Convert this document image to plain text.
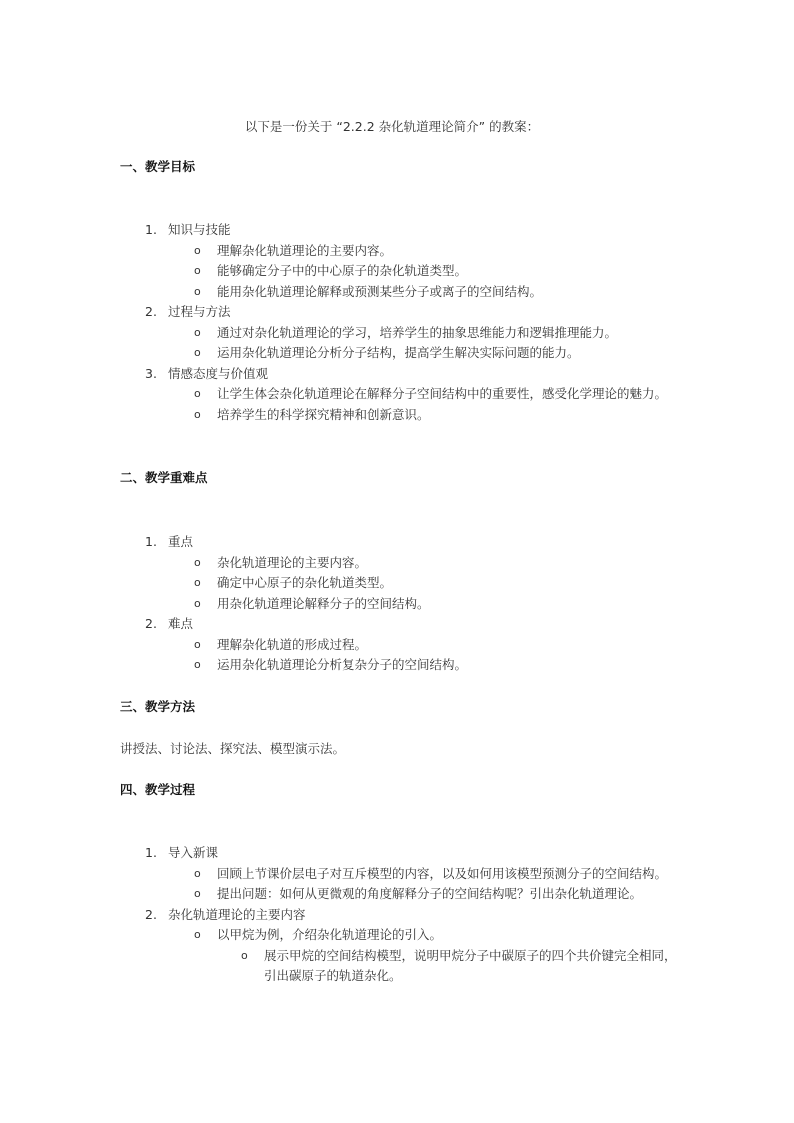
以下是一份关于 “2.2.2 杂化轨道理论简介” 的教案：
一、教学目标
1. 知识与技能
o 理解杂化轨道理论的主要内容。
o 能够确定分子中的中心原子的杂化轨道类型。
o 能用杂化轨道理论解释或预测某些分子或离子的空间结构。
2. 过程与方法
o 通过对杂化轨道理论的学习，培养学生的抽象思维能力和逻辑推理能力。
o 运用杂化轨道理论分析分子结构，提高学生解决实际问题的能力。
3. 情感态度与价值观
o 让学生体会杂化轨道理论在解释分子空间结构中的重要性，感受化学理论的魅力。
o 培养学生的科学探究精神和创新意识。
二、教学重难点
1. 重点
o 杂化轨道理论的主要内容。
o 确定中心原子的杂化轨道类型。
o 用杂化轨道理论解释分子的空间结构。
2. 难点
o 理解杂化轨道的形成过程。
o 运用杂化轨道理论分析复杂分子的空间结构。
三、教学方法
讲授法、讨论法、探究法、模型演示法。
四、教学过程
1. 导入新课
o 回顾上节课价层电子对互斥模型的内容，以及如何用该模型预测分子的空间结构。
o 提出问题：如何从更微观的角度解释分子的空间结构呢？引出杂化轨道理论。
2. 杂化轨道理论的主要内容
o 以甲烷为例，介绍杂化轨道理论的引入。
o 展示甲烷的空间结构模型，说明甲烷分子中碳原子的四个共价键完全相同，引出碳原子的轨道杂化。
